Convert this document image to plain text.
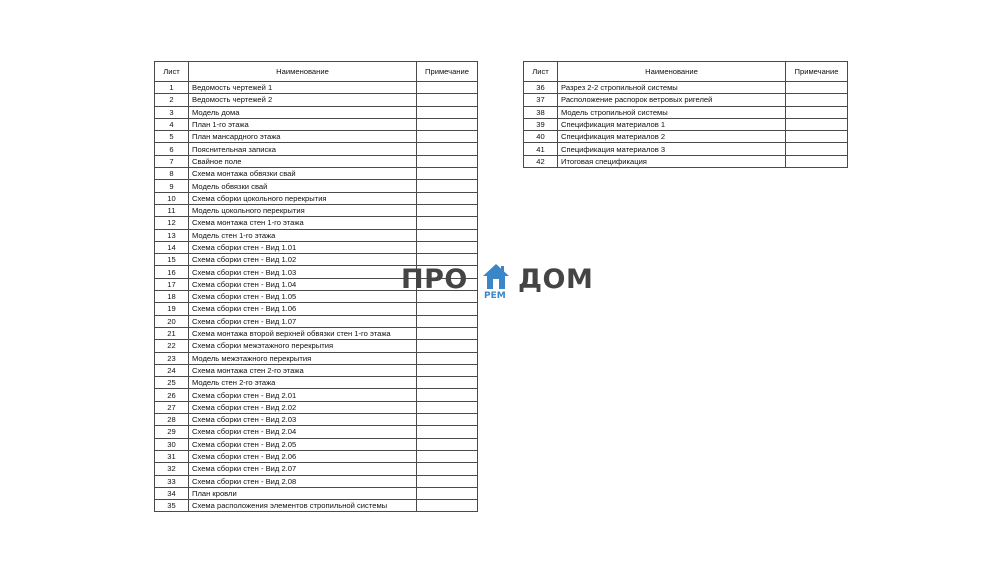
Лист	Наименование	Примечание
1	Ведомость чертежей 1	
2	Ведомость чертежей 2	
3	Модель дома	
4	План 1-го этажа	
5	План мансардного этажа	
6	Пояснительная записка	
7	Свайное поле	
8	Схема монтажа обвязки свай	
9	Модель обвязки свай	
10	Схема сборки цокольного перекрытия	
11	Модель цокольного перекрытия	
12	Схема монтажа стен 1-го этажа	
13	Модель стен 1-го этажа	
14	Схема сборки стен - Вид 1.01	
15	Схема сборки стен - Вид 1.02	
16	Схема сборки стен - Вид 1.03	
17	Схема сборки стен - Вид 1.04	
18	Схема сборки стен - Вид 1.05	
19	Схема сборки стен - Вид 1.06	
20	Схема сборки стен - Вид 1.07	
21	Схема монтажа второй верхней обвязки стен 1-го этажа	
22	Схема сборки межэтажного перекрытия	
23	Модель межэтажного перекрытия	
24	Схема монтажа стен 2-го этажа	
25	Модель стен 2-го этажа	
26	Схема сборки стен - Вид 2.01	
27	Схема сборки стен - Вид 2.02	
28	Схема сборки стен - Вид 2.03	
29	Схема сборки стен - Вид 2.04	
30	Схема сборки стен - Вид 2.05	
31	Схема сборки стен - Вид 2.06	
32	Схема сборки стен - Вид 2.07	
33	Схема сборки стен - Вид 2.08	
34	План кровли	
35	Схема расположения элементов стропильной системы	
Лист	Наименование	Примечание
36	Разрез 2-2 стропильной системы	
37	Расположение распорок ветровых ригелей	
38	Модель стропильной системы	
39	Спецификация материалов 1	
40	Спецификация материалов 2	
41	Спецификация материалов 3	
42	Итоговая спецификация	
ПРО
РЕМ
ДОМ
